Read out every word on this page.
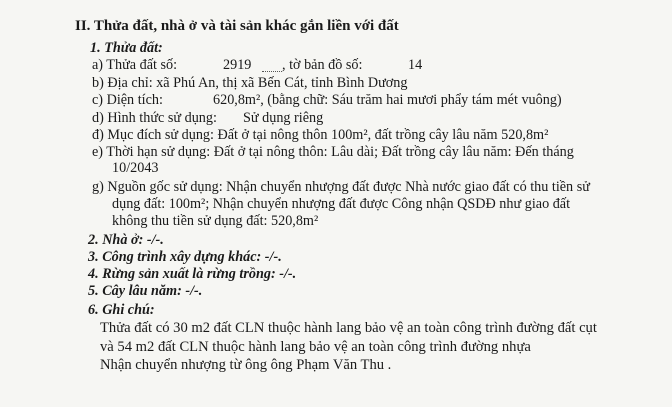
II. Thửa đất, nhà ở và tài sản khác gắn liền với đất
1. Thửa đất:
a) Thửa đất số:	2919 , tờ bản đồ số:	14
b) Địa chỉ: xã Phú An, thị xã Bến Cát, tỉnh Bình Dương
c) Diện tích:	620,8m², (bằng chữ: Sáu trăm hai mươi phẩy tám mét vuông)
d) Hình thức sử dụng: Sử dụng riêng
đ) Mục đích sử dụng: Đất ở tại nông thôn 100m², đất trồng cây lâu năm 520,8m²
e) Thời hạn sử dụng: Đất ở tại nông thôn: Lâu dài; Đất trồng cây lâu năm: Đến tháng
10/2043
g) Nguồn gốc sử dụng: Nhận chuyển nhượng đất được Nhà nước giao đất có thu tiền sử
dụng đất: 100m²; Nhận chuyển nhượng đất được Công nhận QSDĐ như giao đất
không thu tiền sử dụng đất: 520,8m²
2. Nhà ở: -/-.
3. Công trình xây dựng khác: -/-.
4. Rừng sản xuất là rừng trồng: -/-.
5. Cây lâu năm: -/-.
6. Ghi chú:
Thửa đất có 30 m2 đất CLN thuộc hành lang bảo vệ an toàn công trình đường đất cụt
và 54 m2 đất CLN thuộc hành lang bảo vệ an toàn công trình đường nhựa
Nhận chuyển nhượng từ ông ông Phạm Văn Thu .
